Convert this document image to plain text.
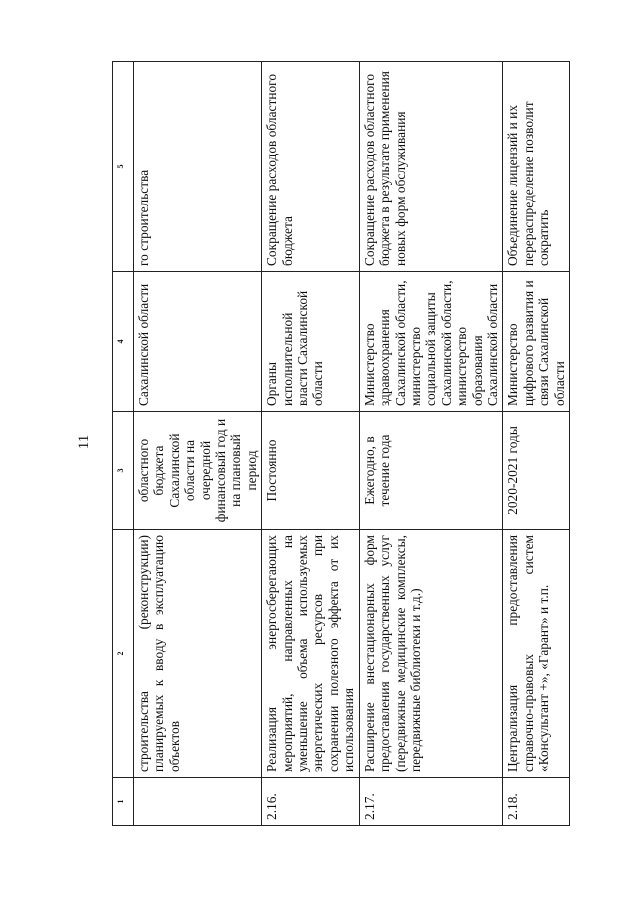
11
1	2	3	4	5
	строительства (реконструкции) планируемых к вводу в эксплуатацию объектов	областного бюджета Сахалинской области на очередной финансовый год и на плановый период	Сахалинской области	го строительства
2.16.	Реализация энергосберегающих мероприятий, направленных на уменьшение объема используемых энергетических ресурсов при сохранении полезного эффекта от их использования	Постоянно	Органы исполнительной власти Сахалинской области	Сокращение расходов областного бюджета
2.17.	Расширение внестационарных форм предоставления государственных услуг (передвижные медицинские комплексы, передвижные библиотеки и т.д.)	Ежегодно, в течение года	Министерство здравоохранения Сахалинской области, министерство социальной защиты Сахалинской области, министерство образования Сахалинской области	Сокращение расходов областного бюджета в результате применения новых форм обслуживания
2.18.	Централизация предоставления справочно-правовых систем «Консультант +», «Гарант» и т.п.	2020-2021 годы	Министерство цифрового развития и связи Сахалинской области	Объединение лицензий и их перераспределение позволит сократить
